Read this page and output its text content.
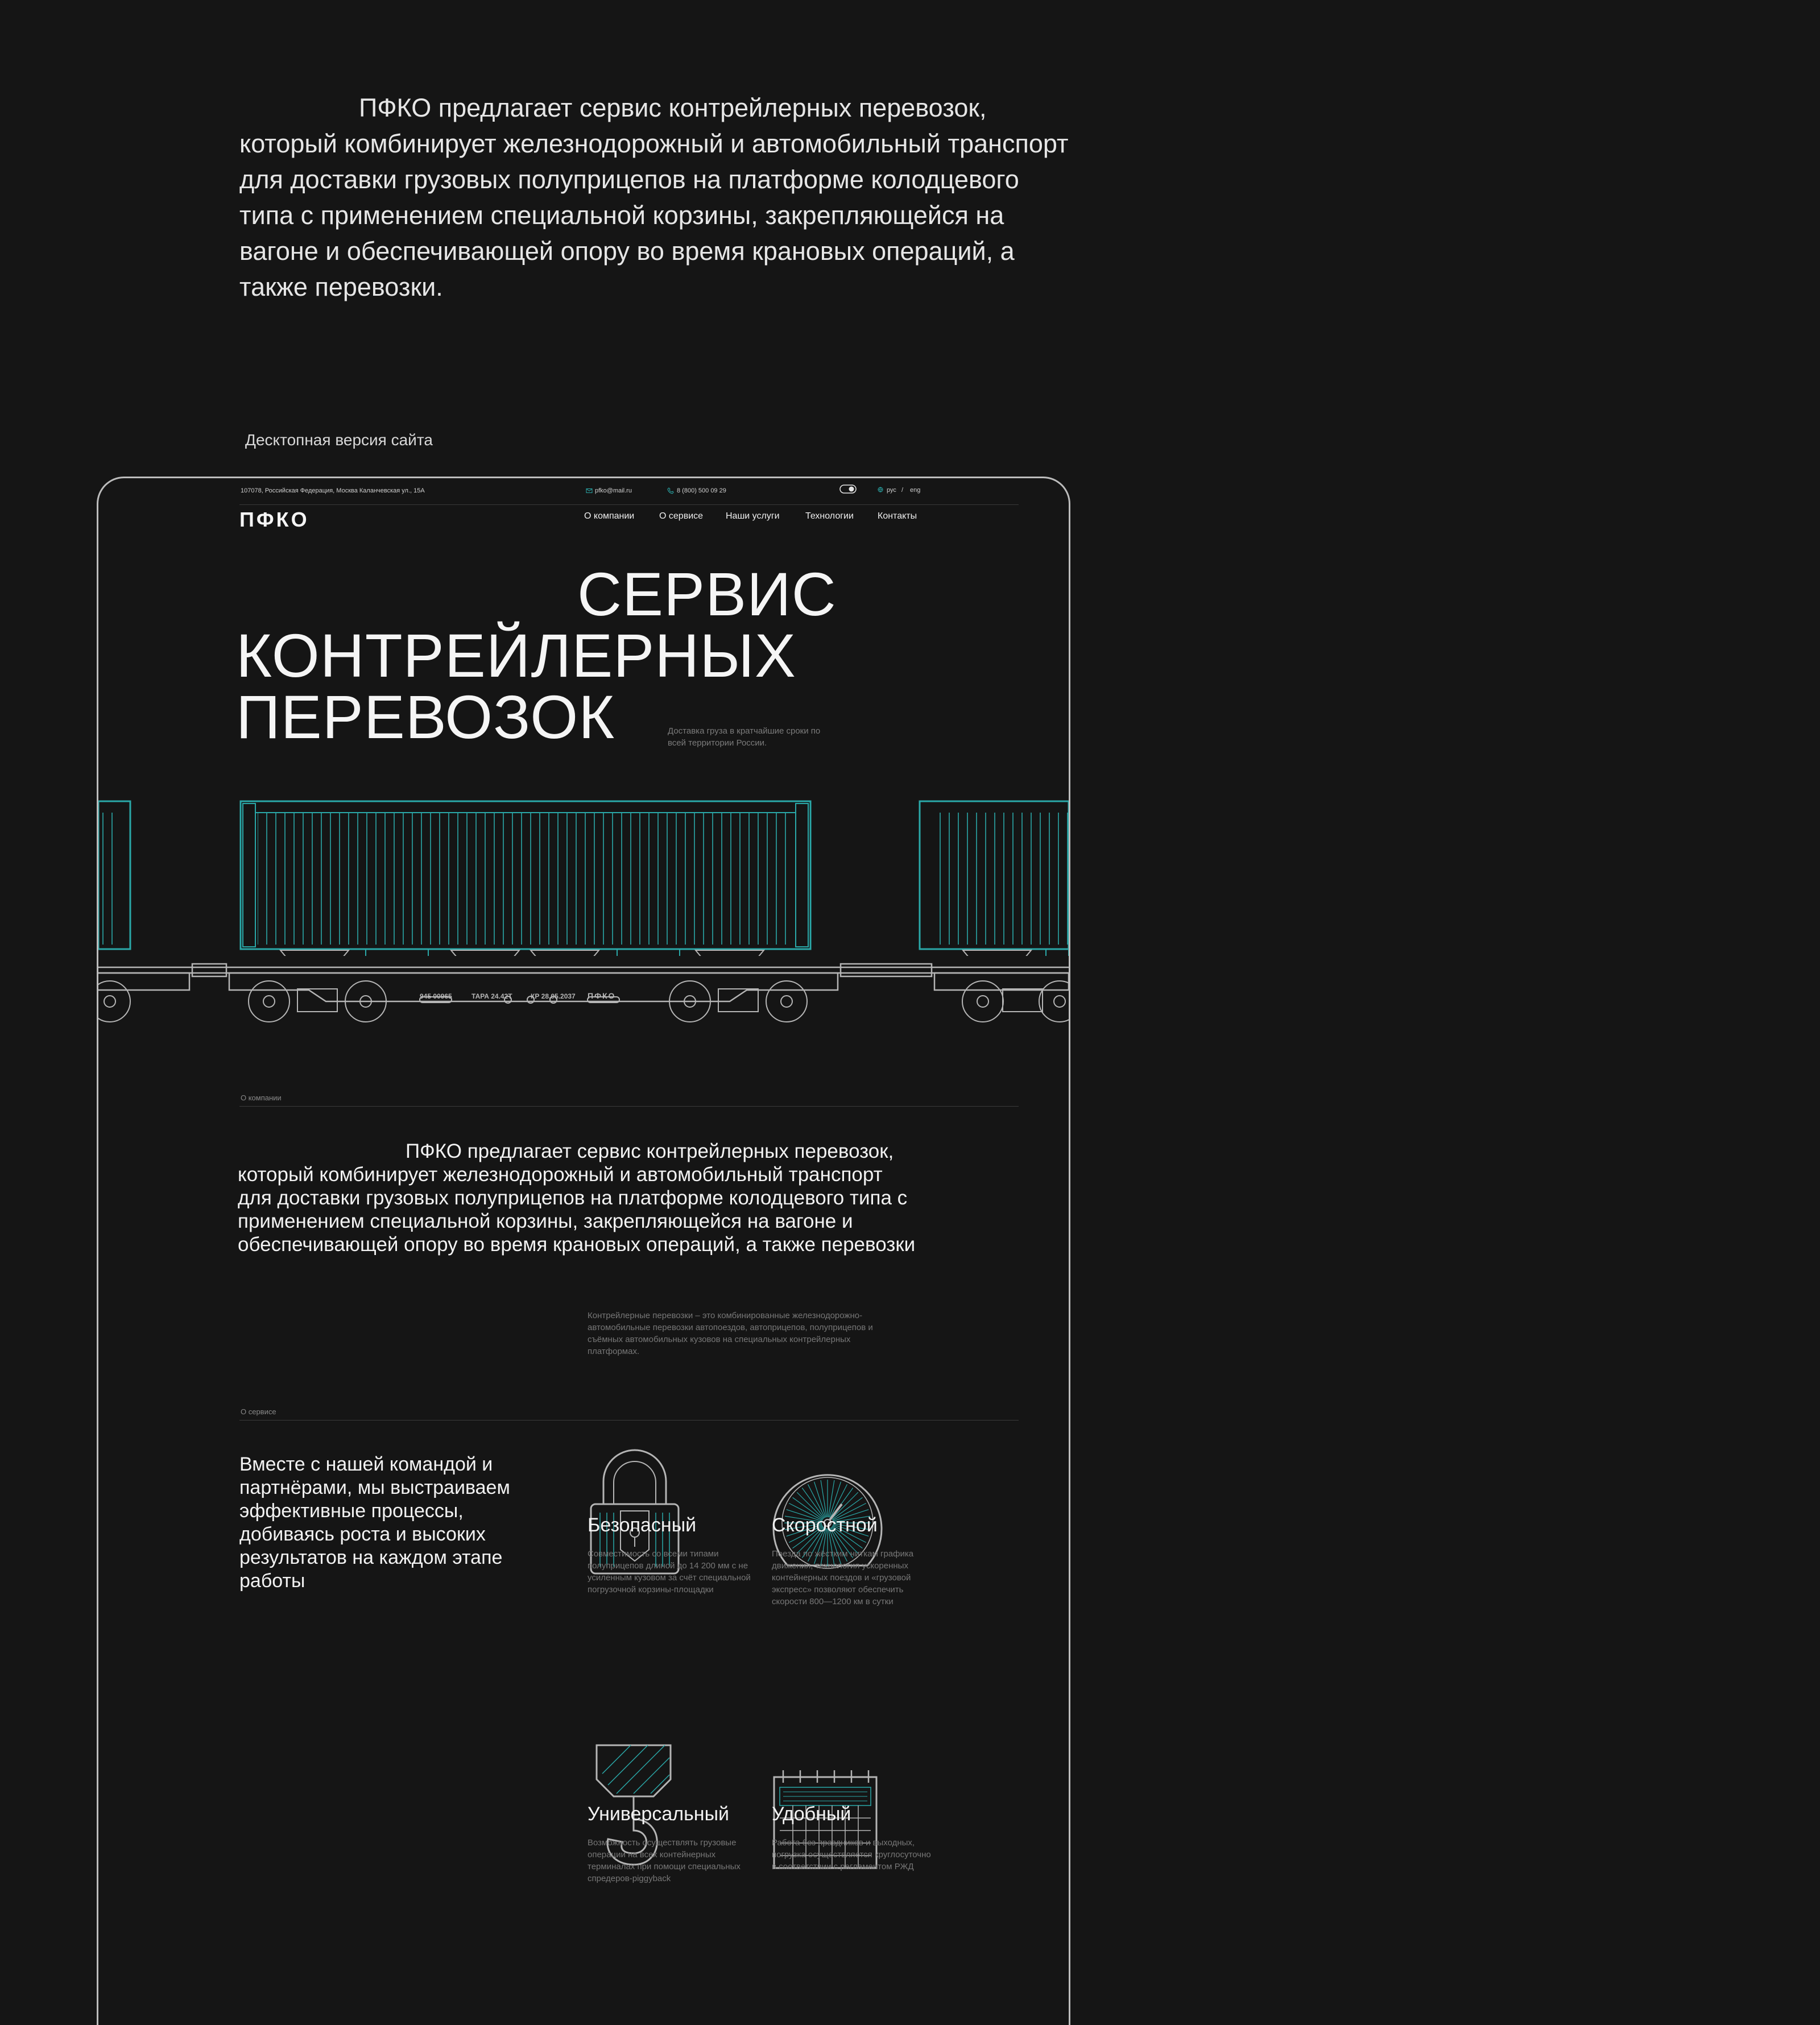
ПФКО предлагает сервис контрейлерных перевозок, который комбинирует железнодорожный и автомобильный транспорт для доставки грузовых полуприцепов на платформе колодцевого типа с применением специальной корзины, закрепляющейся на вагоне и обеспечивающей опору во время крановых операций, а также перевозки.

Десктопная версия сайта

107078, Российская Федерация, Москва Каланчевская ул., 15А	pfko@mail.ru	8 (800) 500 09 29	рус / eng
ПФКО	О компании	О сервисе Наши услуги	Технологии	Контакты
СЕРВИС
КОНТРЕЙЛЕРНЫХ
ПЕРЕВОЗОК	Доставка груза в кратчайшие сроки по всей территории России.

945 00965	ТАРА 24.42Т	КР 28.05.2037 ПФКО
О компании

ПФКО предлагает сервис контрейлерных перевозок, который комбинирует железнодорожный и автомобильный транспорт для доставки грузовых полуприцепов на платформе колодцевого типа с применением специальной корзины, закрепляющейся на вагоне и обеспечивающей опору во время крановых операций, а также перевозки

Контрейлерные перевозки – это комбинированные железнодорожно-автомобильные перевозки автопоездов, автоприцепов, полуприцепов и съёмных автомобильных кузовов на специальных контрейлерных платформах.

О сервисе

Вместе с нашей командой и партнёрами, мы выстраиваем эффективные процессы, добиваясь роста и высоких результатов на каждом этапе работы

Безопасный

Совместимость со всеми типами полуприцепов длиной до 14 200 мм с не усиленным кузовом за счёт специальной погрузочной корзины-площадки

Скоростной

Поезда по жёстким ниткам графика движения, технология ускоренных контейнерных поездов и «грузовой экспресс» позволяют обеспечить скорости 800—1200 км в сутки

Универсальный

Возможность осуществлять грузовые операции на всех контейнерных терминалах при помощи специальных спредеров-piggyback

Удобный

Работа без праздников и выходных, погрузка осуществляется круглосуточно в соответствии с регламентом РЖД
